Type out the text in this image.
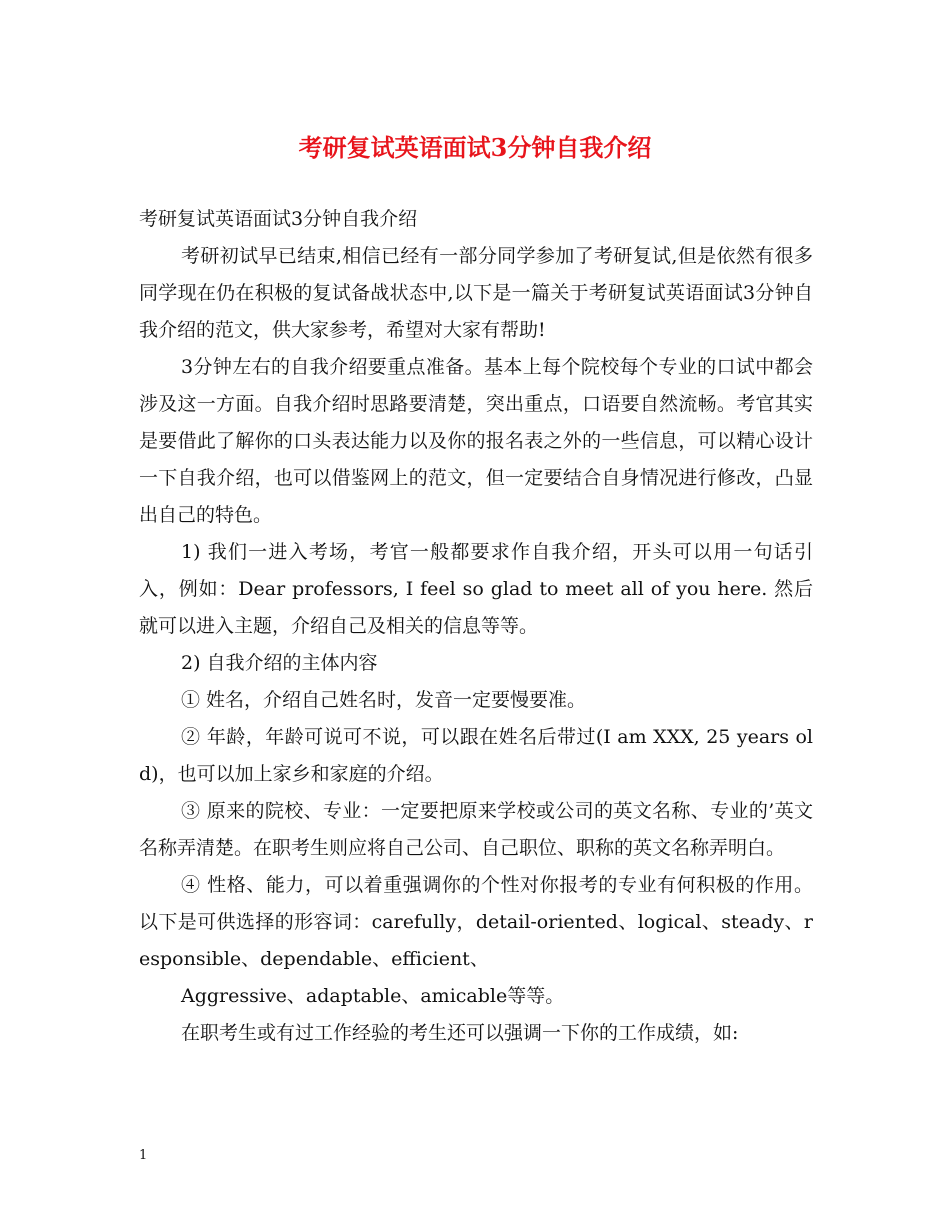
考研复试英语面试3分钟自我介绍

考研复试英语面试3分钟自我介绍

考研初试早已结束,相信已经有一部分同学参加了考研复试,但是依然有很多同学现在仍在积极的复试备战状态中,以下是一篇关于考研复试英语面试3分钟自我介绍的范文，供大家参考，希望对大家有帮助!

3分钟左右的自我介绍要重点准备。基本上每个院校每个专业的口试中都会涉及这一方面。自我介绍时思路要清楚，突出重点，口语要自然流畅。考官其实是要借此了解你的口头表达能力以及你的报名表之外的一些信息，可以精心设计一下自我介绍，也可以借鉴网上的范文，但一定要结合自身情况进行修改，凸显出自己的特色。

1) 我们一进入考场，考官一般都要求作自我介绍，开头可以用一句话引入，例如：Dear professors, I feel so glad to meet all of you here. 然后就可以进入主题，介绍自己及相关的信息等等。

2) 自我介绍的主体内容

① 姓名，介绍自己姓名时，发音一定要慢要准。

② 年龄，年龄可说可不说，可以跟在姓名后带过(I am XXX, 25 years old)，也可以加上家乡和家庭的介绍。

③ 原来的院校、专业：一定要把原来学校或公司的英文名称、专业的’英文名称弄清楚。在职考生则应将自己公司、自己职位、职称的英文名称弄明白。

④ 性格、能力，可以着重强调你的个性对你报考的专业有何积极的作用。以下是可供选择的形容词：carefully，detail-oriented、logical、steady、responsible、dependable、efficient、

Aggressive、adaptable、amicable等等。

在职考生或有过工作经验的考生还可以强调一下你的工作成绩，如:

1
